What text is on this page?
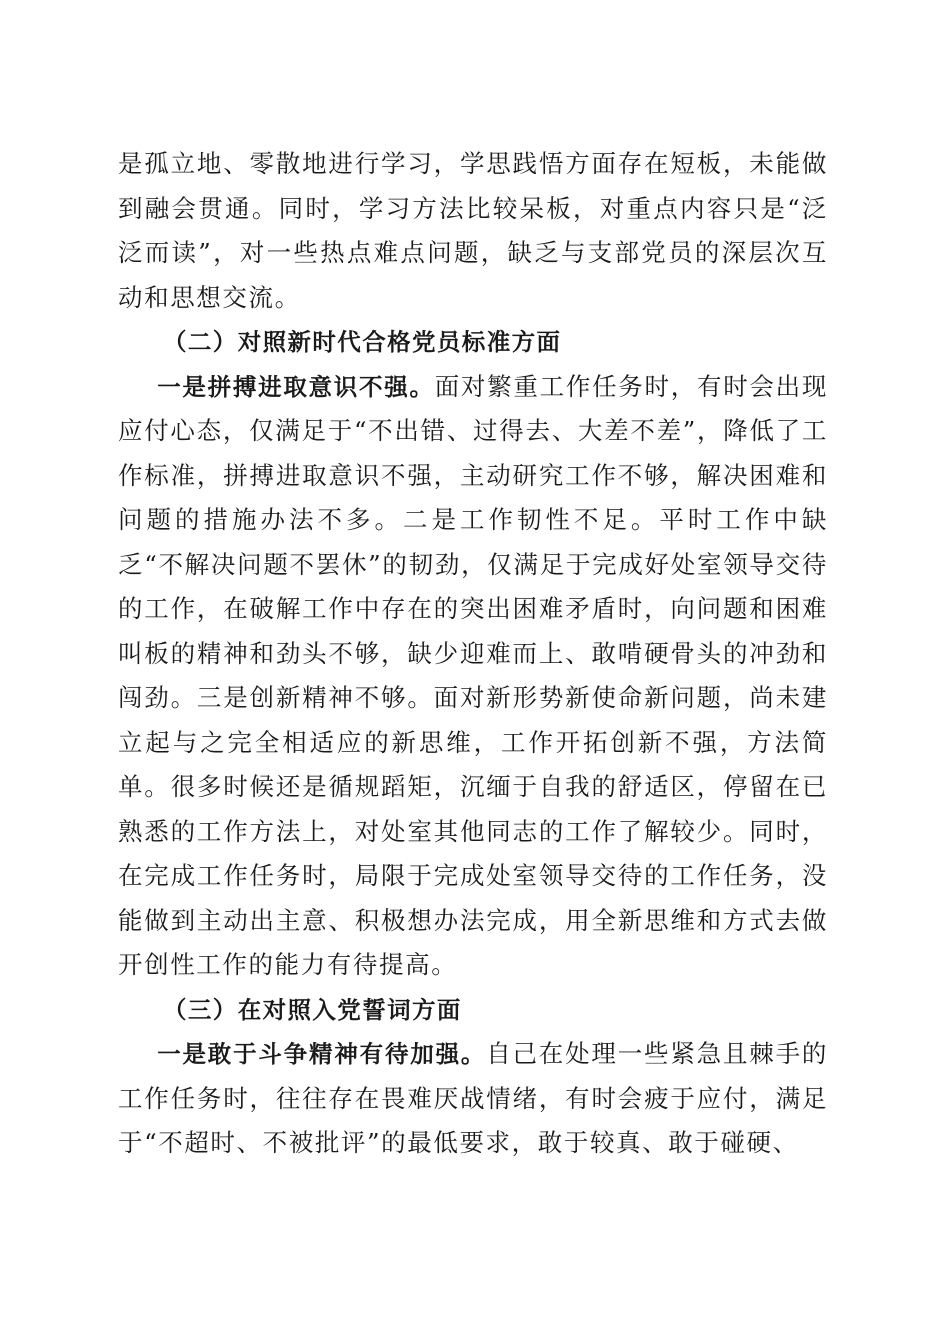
是孤立地、零散地进行学习，学思践悟方面存在短板，未能做到融会贯通。同时，学习方法比较呆板，对重点内容只是“泛泛而读”，对一些热点难点问题，缺乏与支部党员的深层次互动和思想交流。

（二）对照新时代合格党员标准方面

一是拼搏进取意识不强。面对繁重工作任务时，有时会出现应付心态，仅满足于“不出错、过得去、大差不差”，降低了工作标准，拼搏进取意识不强，主动研究工作不够，解决困难和问题的措施办法不多。二是工作韧性不足。平时工作中缺乏“不解决问题不罢休”的韧劲，仅满足于完成好处室领导交待的工作，在破解工作中存在的突出困难矛盾时，向问题和困难叫板的精神和劲头不够，缺少迎难而上、敢啃硬骨头的冲劲和闯劲。三是创新精神不够。面对新形势新使命新问题，尚未建立起与之完全相适应的新思维，工作开拓创新不强，方法简单。很多时候还是循规蹈矩，沉缅于自我的舒适区，停留在已熟悉的工作方法上，对处室其他同志的工作了解较少。同时，在完成工作任务时，局限于完成处室领导交待的工作任务，没能做到主动出主意、积极想办法完成，用全新思维和方式去做开创性工作的能力有待提高。

（三）在对照入党誓词方面

一是敢于斗争精神有待加强。自己在处理一些紧急且棘手的工作任务时，往往存在畏难厌战情绪，有时会疲于应付，满足于“不超时、不被批评”的最低要求，敢于较真、敢于碰硬、
